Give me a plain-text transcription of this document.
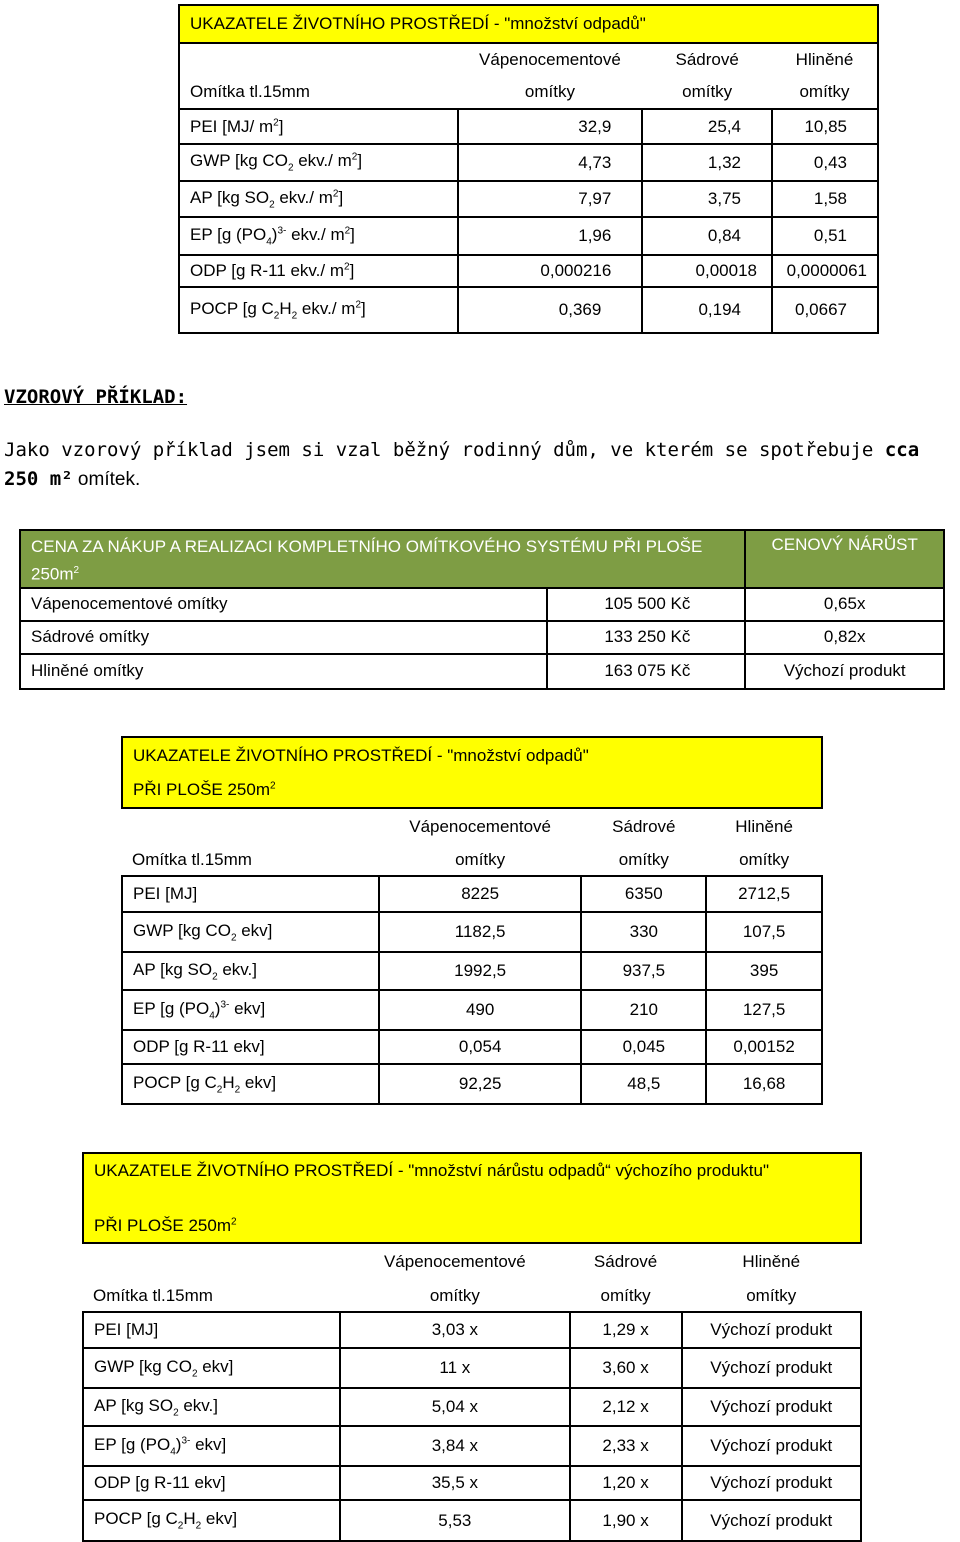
UKAZATELE ŽIVOTNÍHO PROSTŘEDÍ - "množství odpadů"			
	Vápenocementové	Sádrové	Hliněné
Omítka tl.15mm	omítky	omítky	omítky
PEI [MJ/ $m^2$]	32,9	25,4	10,85
GWP [kg $CO_2$ ekv./ $m^2$]	4,73	1,32	0,43
AP [kg $SO_2$ ekv./ $m^2$]	7,97	3,75	1,58
EP [g $(PO_4)^{3-}$ ekv./ $m^2$]	1,96	0,84	0,51
ODP [g R-11 ekv./ $m^2$]	0,000216	0,00018	0,0000061
POCP [g $C_2H_2$ ekv./ $m^2$]	0,369	0,194	0,0667

VZOROVÝ PŘÍKLAD:

Jako vzorový příklad jsem si vzal běžný rodinný dům, ve kterém se spotřebuje cca 250 m² omítek.

CENA ZA NÁKUP A REALIZACI KOMPLETNÍHO OMÍTKOVÉHO SYSTÉMU PŘI PLOŠE $250m^2$		CENOVÝ NÁRŮST
Vápenocementové omítky	105 500 Kč	0,65x
Sádrové omítky	133 250 Kč	0,82x
Hliněné omítky	163 075 Kč	Výchozí produkt
UKAZATELE ŽIVOTNÍHO PROSTŘEDÍ - "množství odpadů"			
PŘI PLOŠE $250m^2$
	Vápenocementové	Sádrové	Hliněné
Omítka tl.15mm	omítky	omítky	omítky
PEI [MJ]	8225	6350	2712,5
GWP [kg $CO_2$ ekv]	1182,5	330	107,5
AP [kg $SO_2$ ekv.]	1992,5	937,5	395
EP [g $(PO_4)^{3-}$ ekv]	490	210	127,5
ODP [g R-11 ekv]	0,054	0,045	0,00152
POCP [g $C_2H_2$ ekv]	92,25	48,5	16,68
UKAZATELE ŽIVOTNÍHO PROSTŘEDÍ - "množství nárůstu odpadů“ výchozího produktu"			
PŘI PLOŠE $250m^2$
	Vápenocementové	Sádrové	Hliněné
Omítka tl.15mm	omítky	omítky	omítky
PEI [MJ]	3,03 x	1,29 x	Výchozí produkt
GWP [kg $CO_2$ ekv]	11 x	3,60 x	Výchozí produkt
AP [kg $SO_2$ ekv.]	5,04 x	2,12 x	Výchozí produkt
EP [g $(PO_4)^{3-}$ ekv]	3,84 x	2,33 x	Výchozí produkt
ODP [g R-11 ekv]	35,5 x	1,20 x	Výchozí produkt
POCP [g $C_2H_2$ ekv]	5,53	1,90 x	Výchozí produkt
